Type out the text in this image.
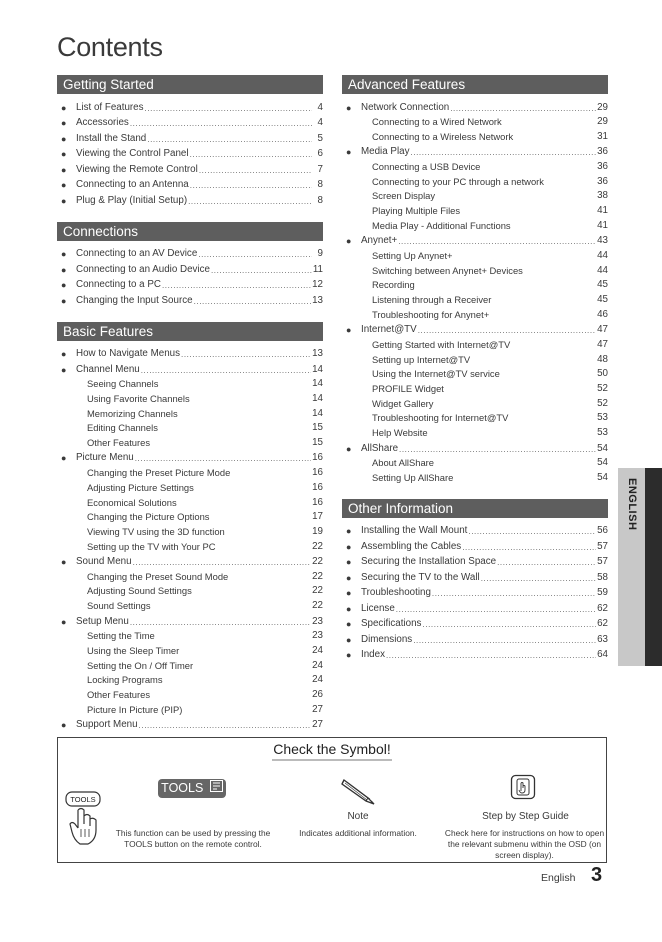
Contents
Getting Started
● List of Features .....	4
● Accessories .....	4
● Install the Stand .....	5
● Viewing the Control Panel .....	6
● Viewing the Remote Control .....	7
● Connecting to an Antenna .....	8
● Plug & Play (Initial Setup) .....	8
Connections
● Connecting to an AV Device .....	9
● Connecting to an Audio Device .....	11
● Connecting to a PC .....	12
● Changing the Input Source .....	13
Basic Features
● How to Navigate Menus .....	13
● Channel Menu .....	14
Seeing Channels	14
Using Favorite Channels	14
Memorizing Channels	14
Editing Channels	15
Other Features	15
● Picture Menu .....	16
Changing the Preset Picture Mode	16
Adjusting Picture Settings	16
Economical Solutions	16
Changing the Picture Options	17
Viewing TV using the 3D function	19
Setting up the TV with Your PC	22
● Sound Menu .....	22
Changing the Preset Sound Mode	22
Adjusting Sound Settings	22
Sound Settings	22
● Setup Menu .....	23
Setting the Time	23
Using the Sleep Timer	24
Setting the On / Off Timer	24
Locking Programs	24
Other Features	26
Picture In Picture (PIP)	27
● Support Menu .....	27
Advanced Features
● Network Connection .....	29
Connecting to a Wired Network	29
Connecting to a Wireless Network	31
● Media Play .....	36
Connecting a USB Device	36
Connecting to your PC through a network	36
Screen Display	38
Playing Multiple Files	41
Media Play - Additional Functions	41
● Anynet+ .....	43
Setting Up Anynet+	44
Switching between Anynet+ Devices	44
Recording	45
Listening through a Receiver	45
Troubleshooting for Anynet+	46
● Internet@TV .....	47
Getting Started with Internet@TV	47
Setting up Internet@TV	48
Using the Internet@TV service	50
PROFILE Widget	52
Widget Gallery	52
Troubleshooting for Internet@TV	53
Help Website	53
● AllShare .....	54
About AllShare	54
Setting Up AllShare	54
Other Information
● Installing the Wall Mount .....	56
● Assembling the Cables .....	57
● Securing the Installation Space .....	57
● Securing the TV to the Wall .....	58
● Troubleshooting .....	59
● License .....	62
● Specifications .....	62
● Dimensions .....	63
● Index .....	64
ENGLISH
Check the Symbol!
TOOLS
TOOLS
This function can be used by pressing the
TOOLS button on the remote control.
Note
Indicates additional information.
Step by Step Guide
Check here for instructions on how to open
the relevant submenu within the OSD (on
screen display).
English 3
